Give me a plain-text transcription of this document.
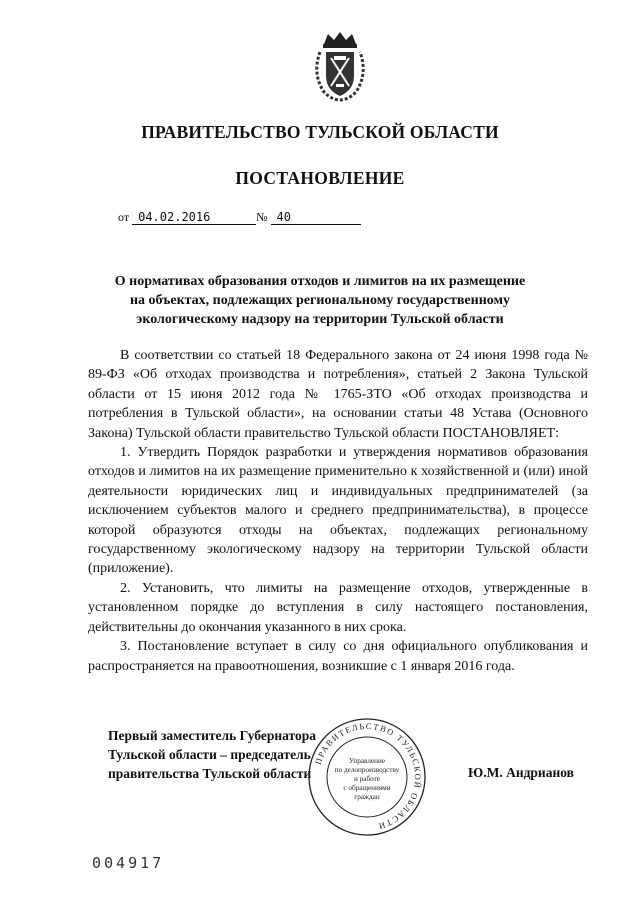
ПРАВИТЕЛЬСТВО ТУЛЬСКОЙ ОБЛАСТИ
ПОСТАНОВЛЕНИЕ
от 04.02.2016	№ 40
О нормативах образования отходов и лимитов на их размещение
на объектах, подлежащих региональному государственному
экологическому надзору на территории Тульской области

В соответствии со статьей 18 Федерального закона от 24 июня 1998 года № 89-ФЗ «Об отходах производства и потребления», статьей 2 Закона Тульской области от 15 июня 2012 года № 1765-ЗТО «Об отходах производства и потребления в Тульской области», на основании статьи 48 Устава (Основного Закона) Тульской области правительство Тульской области ПОСТАНОВЛЯЕТ:

1. Утвердить Порядок разработки и утверждения нормативов образования отходов и лимитов на их размещение применительно к хозяйственной и (или) иной деятельности юридических лиц и индивидуальных предпринимателей (за исключением субъектов малого и среднего предпринимательства), в процессе которой образуются отходы на объектах, подлежащих региональному государственному экологическому надзору на территории Тульской области (приложение).

2. Установить, что лимиты на размещение отходов, утвержденные в установленном порядке до вступления в силу настоящего постановления, действительны до окончания указанного в них срока.

3. Постановление вступает в силу со дня официального опубликования и распространяется на правоотношения, возникшие с 1 января 2016 года.

Первый заместитель Губернатора
Тульской области – председатель
правительства Тульской области
ПРАВИТЕЛЬСТВО ТУЛЬСКОЙ ОБЛАСТИ
Управление
по делопроизводству
и работе
с обращениями
граждан
Ю.М. Андрианов
004917
